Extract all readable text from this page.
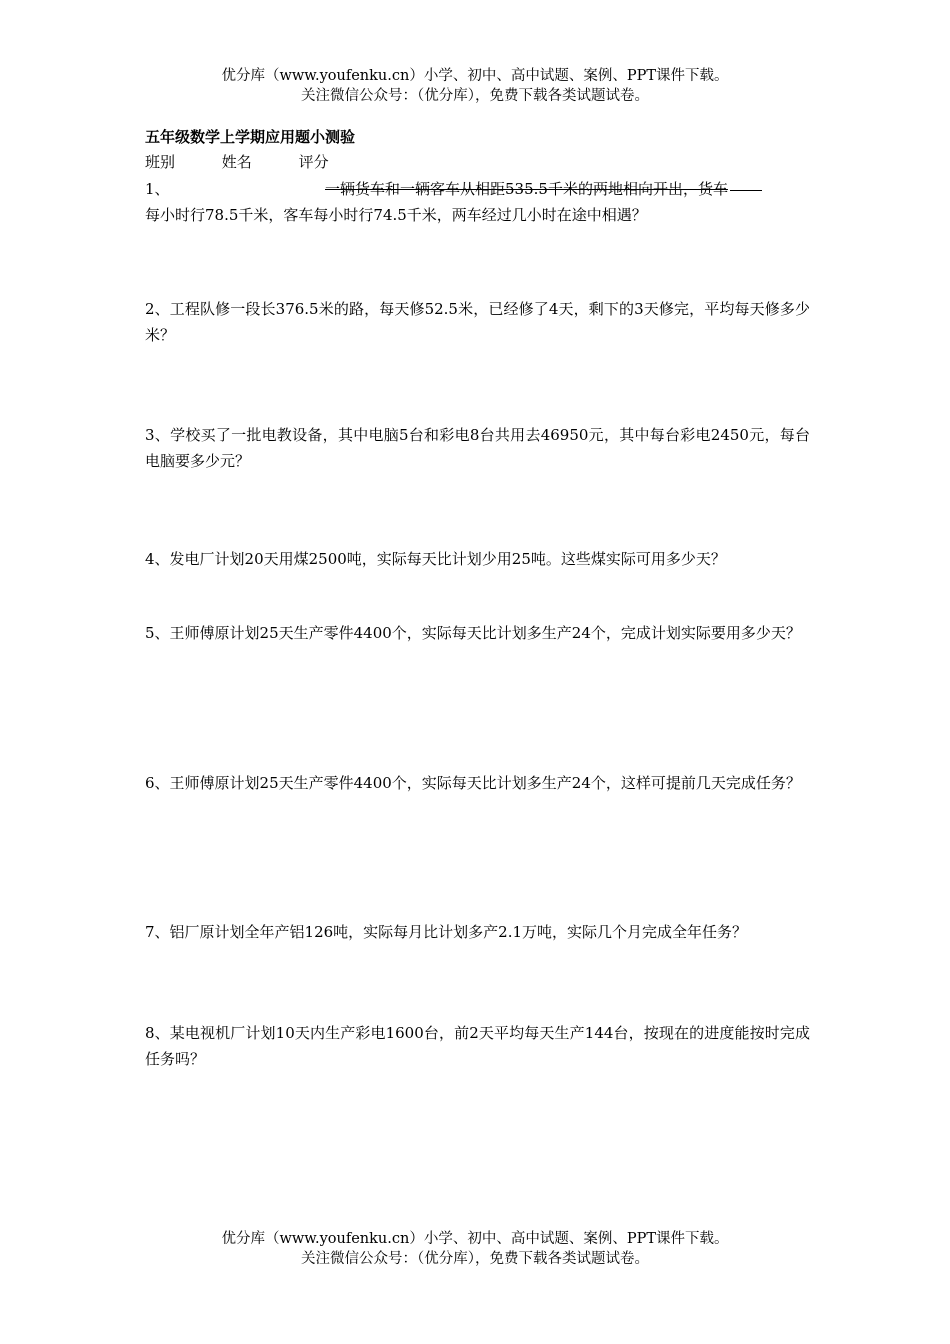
优分库（www.youfenku.cn）小学、初中、高中试题、案例、PPT课件下载。
关注微信公众号：（优分库），免费下载各类试题试卷。
五年级数学上学期应用题小测验
班别	姓名	评分
1、	一辆货车和一辆客车从相距535.5千米的两地相向开出，货车
每小时行78.5千米，客车每小时行74.5千米，两车经过几小时在途中相遇？
2、工程队修一段长376.5米的路，每天修52.5米，已经修了4天，剩下的3天修完，平均每天修多少米？
3、学校买了一批电教设备，其中电脑5台和彩电8台共用去46950元，其中每台彩电2450元，每台电脑要多少元？
4、发电厂计划20天用煤2500吨，实际每天比计划少用25吨。这些煤实际可用多少天？
5、王师傅原计划25天生产零件4400个，实际每天比计划多生产24个，完成计划实际要用多少天？
6、王师傅原计划25天生产零件4400个，实际每天比计划多生产24个，这样可提前几天完成任务？
7、铝厂原计划全年产铝126吨，实际每月比计划多产2.1万吨，实际几个月完成全年任务？
8、某电视机厂计划10天内生产彩电1600台，前2天平均每天生产144台，按现在的进度能按时完成任务吗？
优分库（www.youfenku.cn）小学、初中、高中试题、案例、PPT课件下载。
关注微信公众号：（优分库），免费下载各类试题试卷。
